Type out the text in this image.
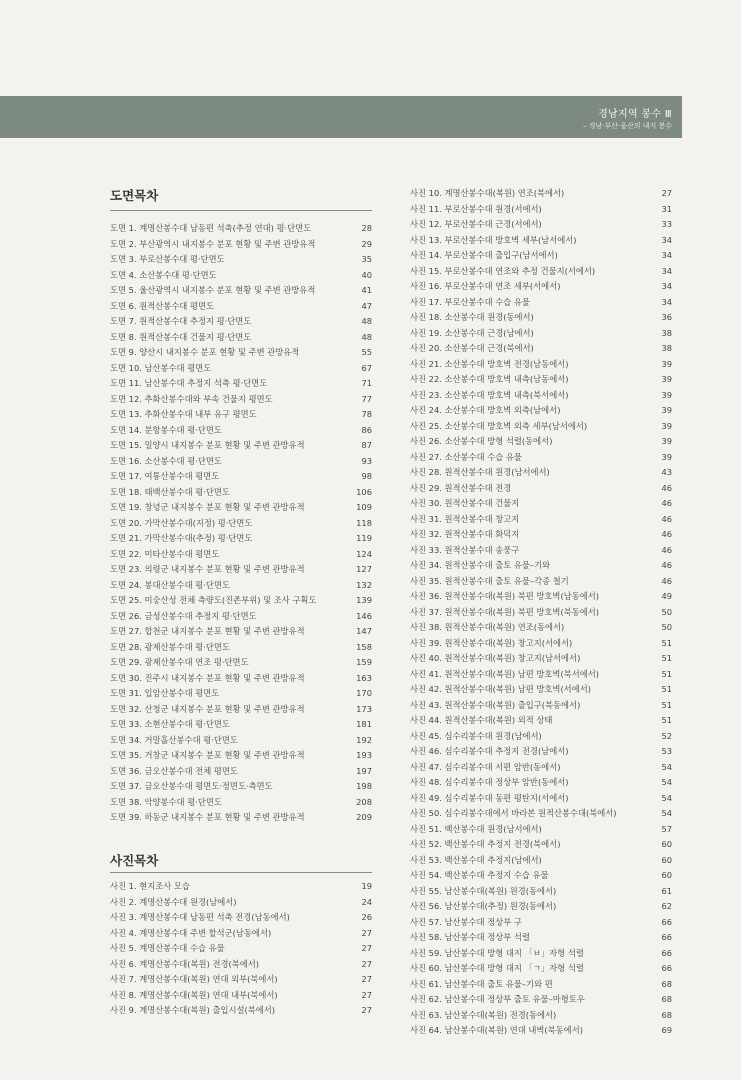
경남지역 봉수 Ⅲ
– 경남·부산·울산의 내지 봉수
도면목차
도면 1. 계명산봉수대 남동편 석축(추정 연대) 평·단면도	28
도면 2. 부산광역시 내지봉수 분포 현황 및 주변 관방유적	29
도면 3. 부로산봉수대 평·단면도	35
도면 4. 소산봉수대 평·단면도	40
도면 5. 울산광역시 내지봉수 분포 현황 및 주변 관방유적	41
도면 6. 원적산봉수대 평면도	47
도면 7. 원적산봉수대 추정지 평·단면도	48
도면 8. 원적산봉수대 건물지 평·단면도	48
도면 9. 양산시 내지봉수 분포 현황 및 주변 관방유적	55
도면 10. 남산봉수대 평면도	67
도면 11. 남산봉수대 추정지 석축 평·단면도	71
도면 12. 추화산봉수대와 부속 건물지 평면도	77
도면 13. 추화산봉수대 내부 유구 평면도	78
도면 14. 분항봉수대 평·단면도	86
도면 15. 밀양시 내지봉수 분포 현황 및 주변 관방유적	87
도면 16. 소산봉수대 평·단면도	93
도면 17. 여통산봉수대 평면도	98
도면 18. 태백산봉수대 평·단면도	106
도면 19. 창녕군 내지봉수 분포 현황 및 주변 관방유적	109
도면 20. 가막산봉수대(지정) 평·단면도	118
도면 21. 가막산봉수대(추정) 평·단면도	119
도면 22. 미타산봉수대 평면도	124
도면 23. 의령군 내지봉수 분포 현황 및 주변 관방유적	127
도면 24. 봉대산봉수대 평·단면도	132
도면 25. 미숭산성 전체 측량도(진존부위) 및 조사 구획도	139
도면 26. 금성산봉수대 추정지 평·단면도	146
도면 27. 합천군 내지봉수 분포 현황 및 주변 관방유적	147
도면 28. 광제산봉수대 평·단면도	158
도면 29. 광제산봉수대 연조 평·단면도	159
도면 30. 진주시 내지봉수 분포 현황 및 주변 관방유적	163
도면 31. 입암산봉수대 평면도	170
도면 32. 산청군 내지봉수 분포 현황 및 주변 관방유적	173
도면 33. 소현산봉수대 평·단면도	181
도면 34. 거말흘산봉수대 평·단면도	192
도면 35. 거창군 내지봉수 분포 현황 및 주변 관방유적	193
도면 36. 금오산봉수대 전체 평면도	197
도면 37. 금오산봉수대 평면도·정면도·측면도	198
도면 38. 악양봉수대 평·단면도	208
도면 39. 하동군 내지봉수 분포 현황 및 주변 관방유적	209
사진목차
사진 1. 현지조사 모습	19
사진 2. 계명산봉수대 원경(남에서)	24
사진 3. 계명산봉수대 남동편 석축 전경(남동에서)	26
사진 4. 계명산봉수대 주변 할석군(남동에서)	27
사진 5. 계명산봉수대 수습 유물	27
사진 6. 계명산봉수대(복원) 전경(북에서)	27
사진 7. 계명산봉수대(복원) 연대 외부(북에서)	27
사진 8. 계명산봉수대(복원) 연대 내부(북에서)	27
사진 9. 계명산봉수대(복원) 출입시설(북에서)	27
사진 10. 계명산봉수대(복원) 연조(북에서)	27
사진 11. 부로산봉수대 원경(서에서)	31
사진 12. 부로산봉수대 근경(서에서)	33
사진 13. 부로산봉수대 방호벽 세부(남서에서)	34
사진 14. 부로산봉수대 출입구(남서에서)	34
사진 15. 부로산봉수대 연조와 추정 건물지(서에서)	34
사진 16. 부로산봉수대 연조 세부(서에서)	34
사진 17. 부로산봉수대 수습 유물	34
사진 18. 소산봉수대 원경(동에서)	36
사진 19. 소산봉수대 근경(남에서)	38
사진 20. 소산봉수대 근경(북에서)	38
사진 21. 소산봉수대 방호벽 전경(남동에서)	39
사진 22. 소산봉수대 방호벽 내측(남동에서)	39
사진 23. 소산봉수대 방호벽 내측(북서에서)	39
사진 24. 소산봉수대 방호벽 외측(남에서)	39
사진 25. 소산봉수대 방호벽 외측 세부(남서에서)	39
사진 26. 소산봉수대 방형 석렬(동에서)	39
사진 27. 소산봉수대 수습 유물	39
사진 28. 원적산봉수대 원경(남서에서)	43
사진 29. 원적산봉수대 전경	46
사진 30. 원적산봉수대 건물지	46
사진 31. 원적산봉수대 창고지	46
사진 32. 원적산봉수대 화덕지	46
사진 33. 원적산봉수대 송풍구	46
사진 34. 원적산봉수대 출토 유물–기와	46
사진 35. 원적산봉수대 출토 유물–각종 철기	46
사진 36. 원적산봉수대(복원) 북편 방호벽(남동에서)	49
사진 37. 원적산봉수대(복원) 북편 방호벽(북동에서)	50
사진 38. 원적산봉수대(복원) 연조(동에서)	50
사진 39. 원적산봉수대(복원) 창고지(서에서)	51
사진 40. 원적산봉수대(복원) 창고지(남서에서)	51
사진 41. 원적산봉수대(복원) 남편 방호벽(북서에서)	51
사진 42. 원적산봉수대(복원) 남편 방호벽(서에서)	51
사진 43. 원적산봉수대(복원) 출입구(북동에서)	51
사진 44. 원적산봉수대(복원) 외적 상태	51
사진 45. 심수리봉수대 원경(남에서)	52
사진 46. 심수리봉수대 추정지 전경(남에서)	53
사진 47. 심수리봉수대 서편 암반(동에서)	54
사진 48. 심수리봉수대 정상부 암반(동에서)	54
사진 49. 심수리봉수대 동편 평탄지(서에서)	54
사진 50. 심수리봉수대에서 바라본 원적산봉수대(북에서)	54
사진 51. 백산봉수대 원경(남서에서)	57
사진 52. 백산봉수대 추정지 전경(북에서)	60
사진 53. 백산봉수대 추정지(남에서)	60
사진 54. 백산봉수대 추정지 수습 유물	60
사진 55. 남산봉수대(복원) 원경(동에서)	61
사진 56. 남산봉수대(추정) 원경(동에서)	62
사진 57. 남산봉수대 정상부 구	66
사진 58. 남산봉수대 정상부 석렬	66
사진 59. 남산봉수대 방형 대지 「ㅂ」자형 석렬	66
사진 60. 남산봉수대 방형 대지 「ㄱ」자형 석렬	66
사진 61. 남산봉수대 출토 유물–기와 편	68
사진 62. 남산봉수대 정상부 출토 유물–마형토우	68
사진 63. 남산봉수대(복원) 전경(동에서)	68
사진 64. 남산봉수대(복원) 연대 내벽(북동에서)	69
